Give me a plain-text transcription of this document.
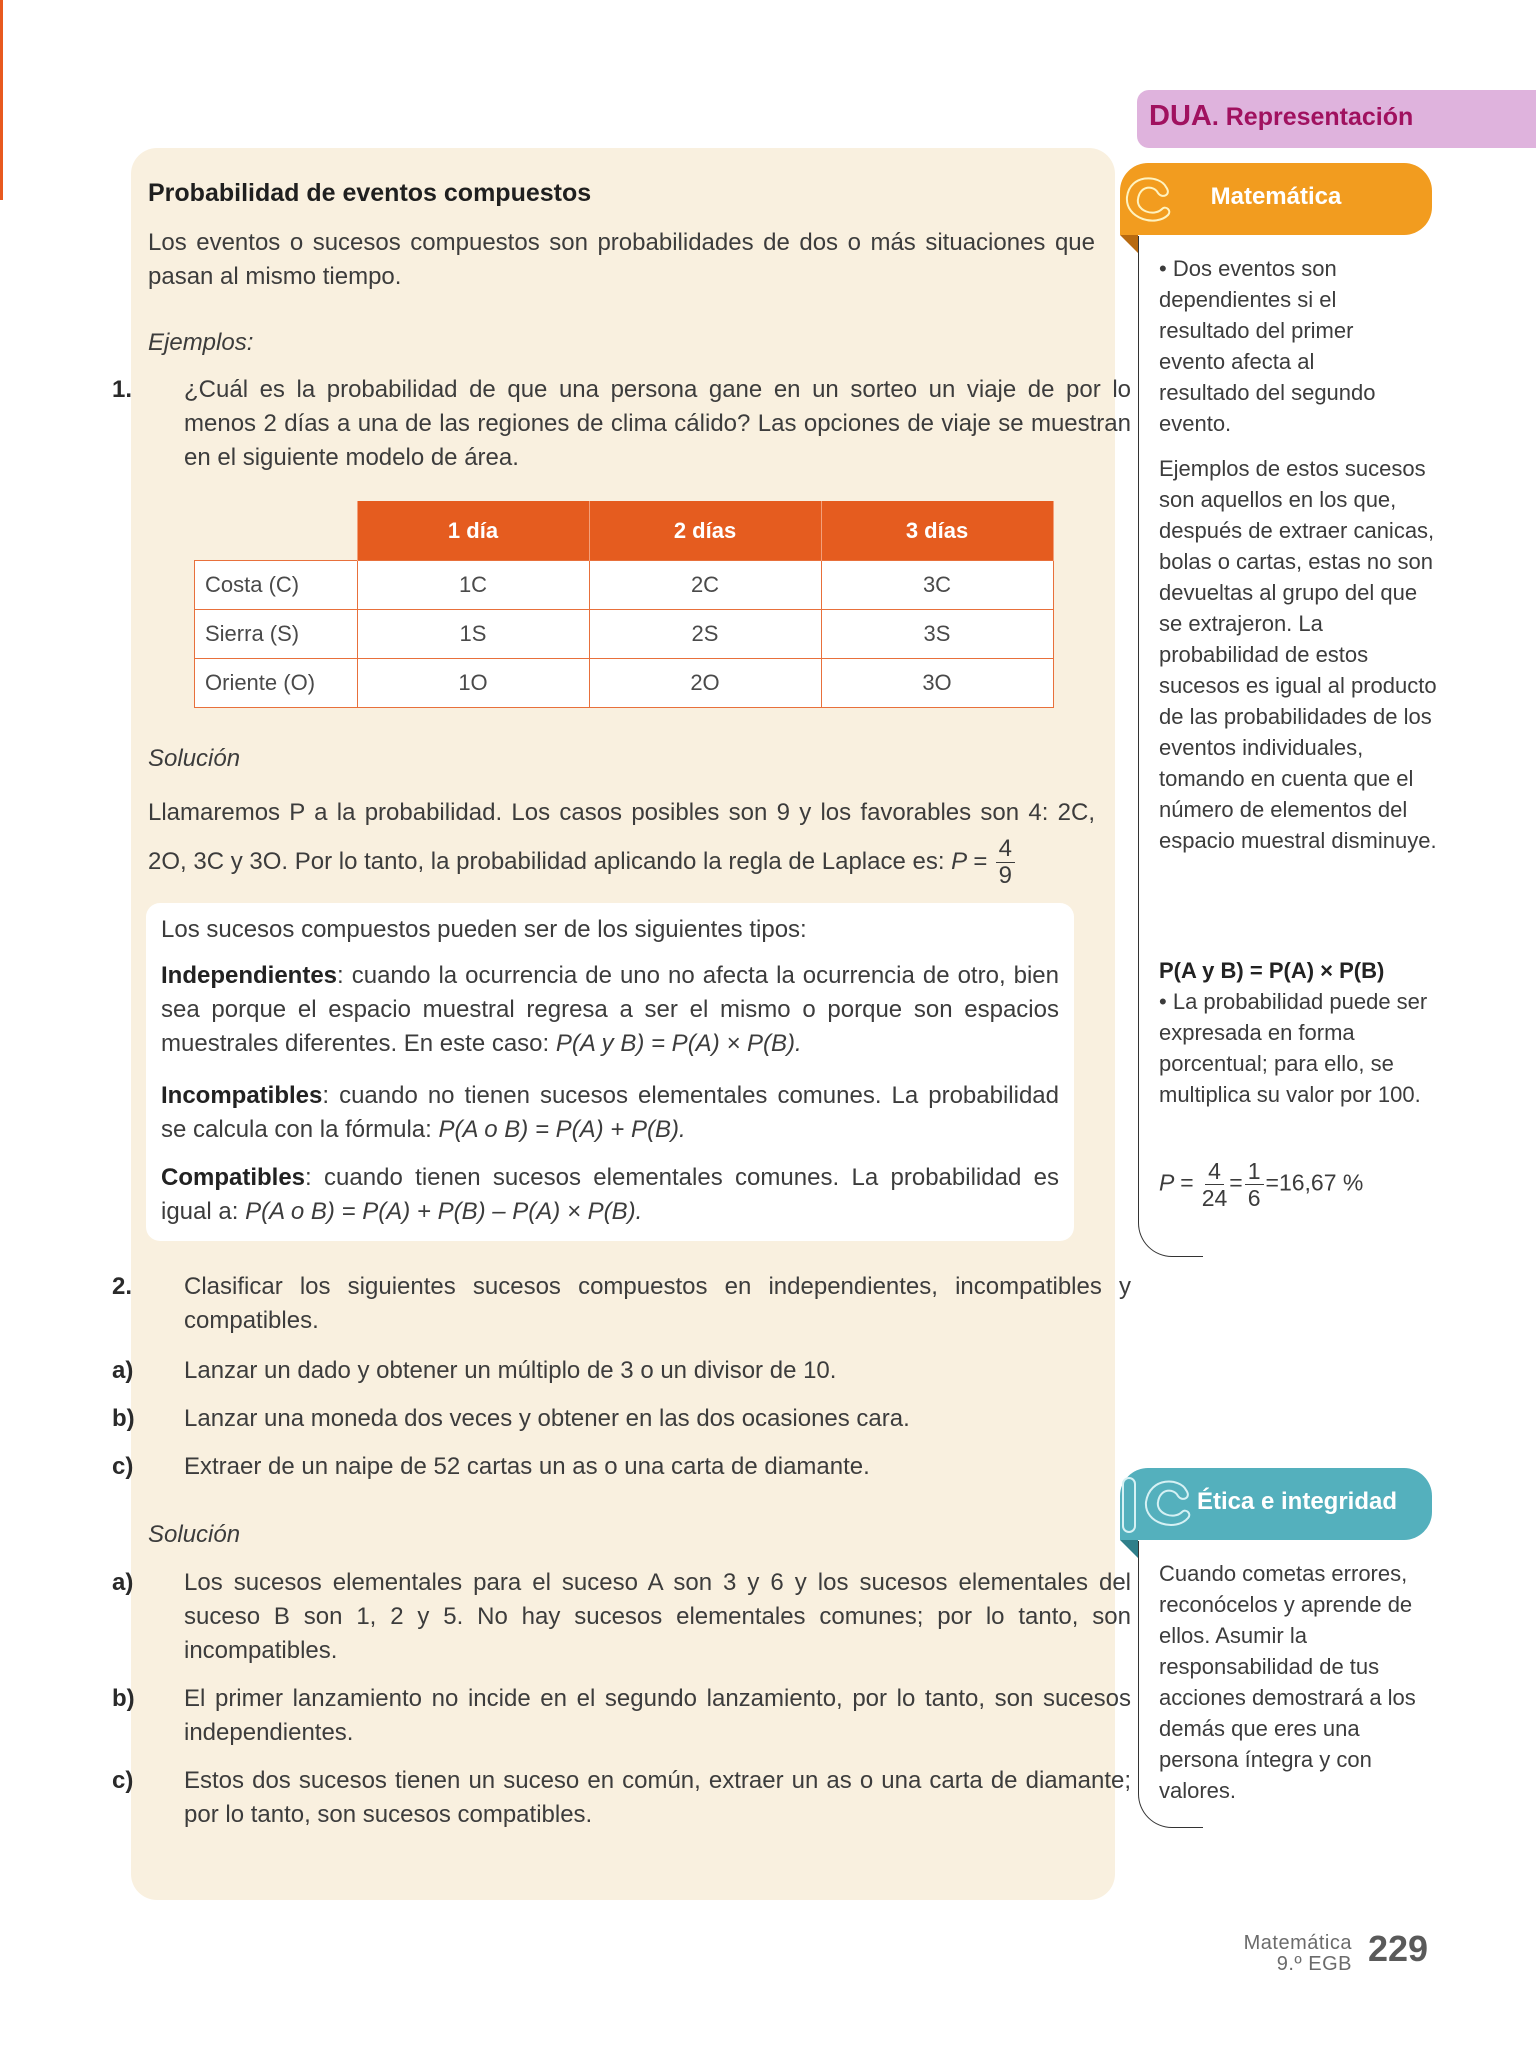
Probabilidad de eventos compuestos
Los eventos o sucesos compuestos son probabilidades de dos o más situaciones que pasan al mismo tiempo.
Ejemplos:
1. ¿Cuál es la probabilidad de que una persona gane en un sorteo un viaje de por lo menos 2 días a una de las regiones de clima cálido? Las opciones de viaje se muestran en el siguiente modelo de área.
	1 día	2 días	3 días
Costa (C)	1C	2C	3C
Sierra (S)	1S	2S	3S
Oriente (O)	1O	2O	3O
Solución
Llamaremos P a la probabilidad. Los casos posibles son 9 y los favorables son 4: 2C, 2O, 3C y 3O. Por lo tanto, la probabilidad aplicando la regla de Laplace es: $P = \frac{4}{9}$
Los sucesos compuestos pueden ser de los siguientes tipos:
Independientes: cuando la ocurrencia de uno no afecta la ocurrencia de otro, bien sea porque el espacio muestral regresa a ser el mismo o porque son espacios muestrales diferentes. En este caso: P(A y B) = P(A) × P(B).
Incompatibles: cuando no tienen sucesos elementales comunes. La probabilidad se calcula con la fórmula: P(A o B) = P(A) + P(B).
Compatibles: cuando tienen sucesos elementales comunes. La probabilidad es igual a: P(A o B) = P(A) + P(B) – P(A) × P(B).
2. Clasificar los siguientes sucesos compuestos en independientes, incompatibles y compatibles.
a) Lanzar un dado y obtener un múltiplo de 3 o un divisor de 10.
b) Lanzar una moneda dos veces y obtener en las dos ocasiones cara.
c) Extraer de un naipe de 52 cartas un as o una carta de diamante.
Solución
a) Los sucesos elementales para el suceso A son 3 y 6 y los sucesos elementales del suceso B son 1, 2 y 5. No hay sucesos elementales comunes; por lo tanto, son incompatibles.
b) El primer lanzamiento no incide en el segundo lanzamiento, por lo tanto, son sucesos independientes.
c) Estos dos sucesos tienen un suceso en común, extraer un as o una carta de diamante; por lo tanto, son sucesos compatibles.
DUA. Representación
Matemática
• Dos eventos son dependientes si el resultado del primer evento afecta al resultado del segundo evento.
Ejemplos de estos sucesos son aquellos en los que, después de extraer canicas, bolas o cartas, estas no son devueltas al grupo del que se extrajeron. La probabilidad de estos sucesos es igual al producto de las probabilidades de los eventos individuales, tomando en cuenta que el número de elementos del espacio muestral disminuye.
P(A y B) = P(A) × P(B)
• La probabilidad puede ser expresada en forma porcentual; para ello, se multiplica su valor por 100.
$P = \frac{4}{24} = \frac{1}{6} =16,67$ %
Ética e integridad
Cuando cometas errores, reconócelos y aprende de ellos. Asumir la responsabilidad de tus acciones demostrará a los demás que eres una persona íntegra y con valores.
Matemática
9.º EGB 229
